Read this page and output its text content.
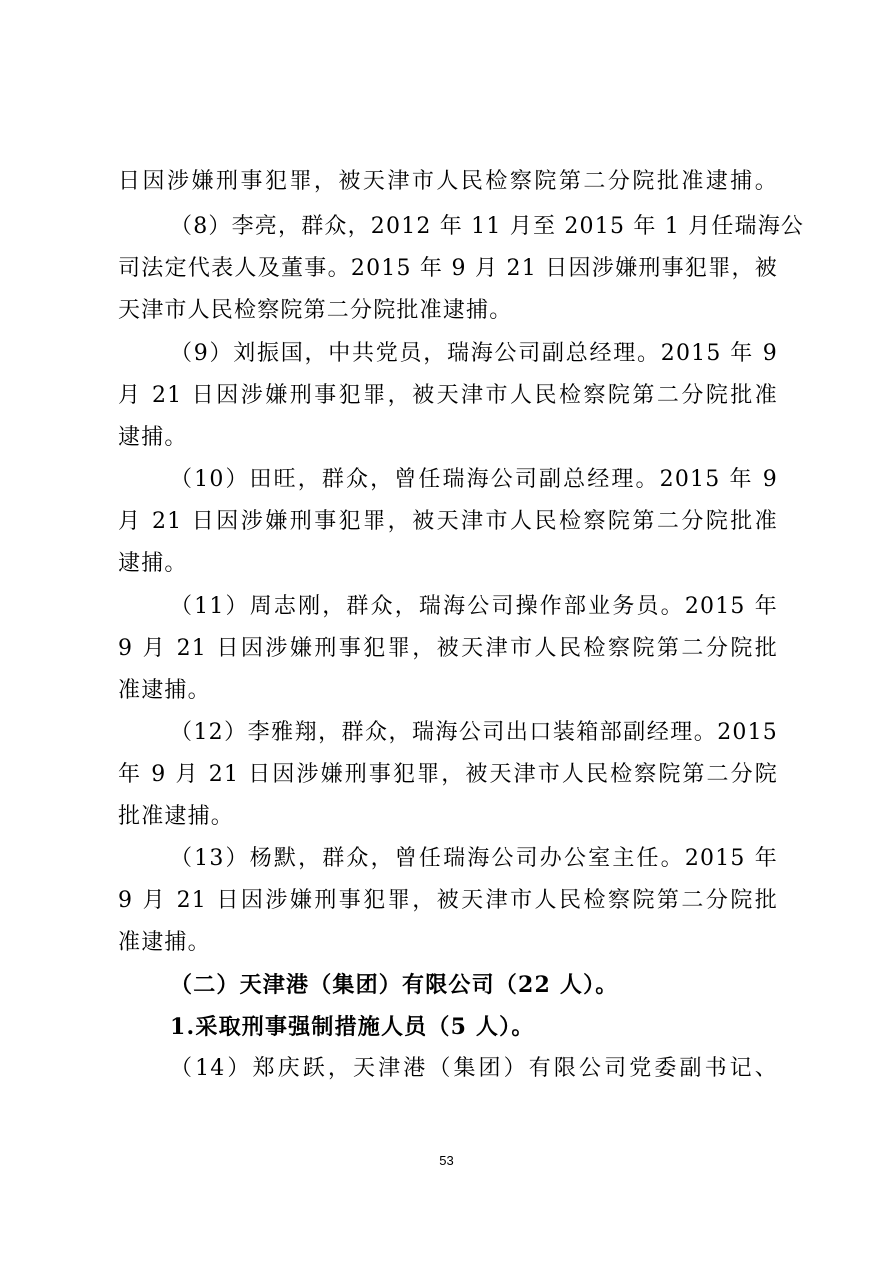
日因涉嫌刑事犯罪，被天津市人民检察院第二分院批准逮捕。
（8）李亮，群众，2012 年 11 月至 2015 年 1 月任瑞海公
司法定代表人及董事。2015 年 9 月 21 日因涉嫌刑事犯罪，被
天津市人民检察院第二分院批准逮捕。
（9）刘振国，中共党员，瑞海公司副总经理。2015 年 9
月 21 日因涉嫌刑事犯罪，被天津市人民检察院第二分院批准
逮捕。
（10）田旺，群众，曾任瑞海公司副总经理。2015 年 9
月 21 日因涉嫌刑事犯罪，被天津市人民检察院第二分院批准
逮捕。
（11）周志刚，群众，瑞海公司操作部业务员。2015 年
9 月 21 日因涉嫌刑事犯罪，被天津市人民检察院第二分院批
准逮捕。
（12）李雅翔，群众，瑞海公司出口装箱部副经理。2015
年 9 月 21 日因涉嫌刑事犯罪，被天津市人民检察院第二分院
批准逮捕。
（13）杨默，群众，曾任瑞海公司办公室主任。2015 年
9 月 21 日因涉嫌刑事犯罪，被天津市人民检察院第二分院批
准逮捕。
（二）天津港（集团）有限公司（22 人）。
1.采取刑事强制措施人员（5 人）。
（14）郑庆跃，天津港（集团）有限公司党委副书记、
53
